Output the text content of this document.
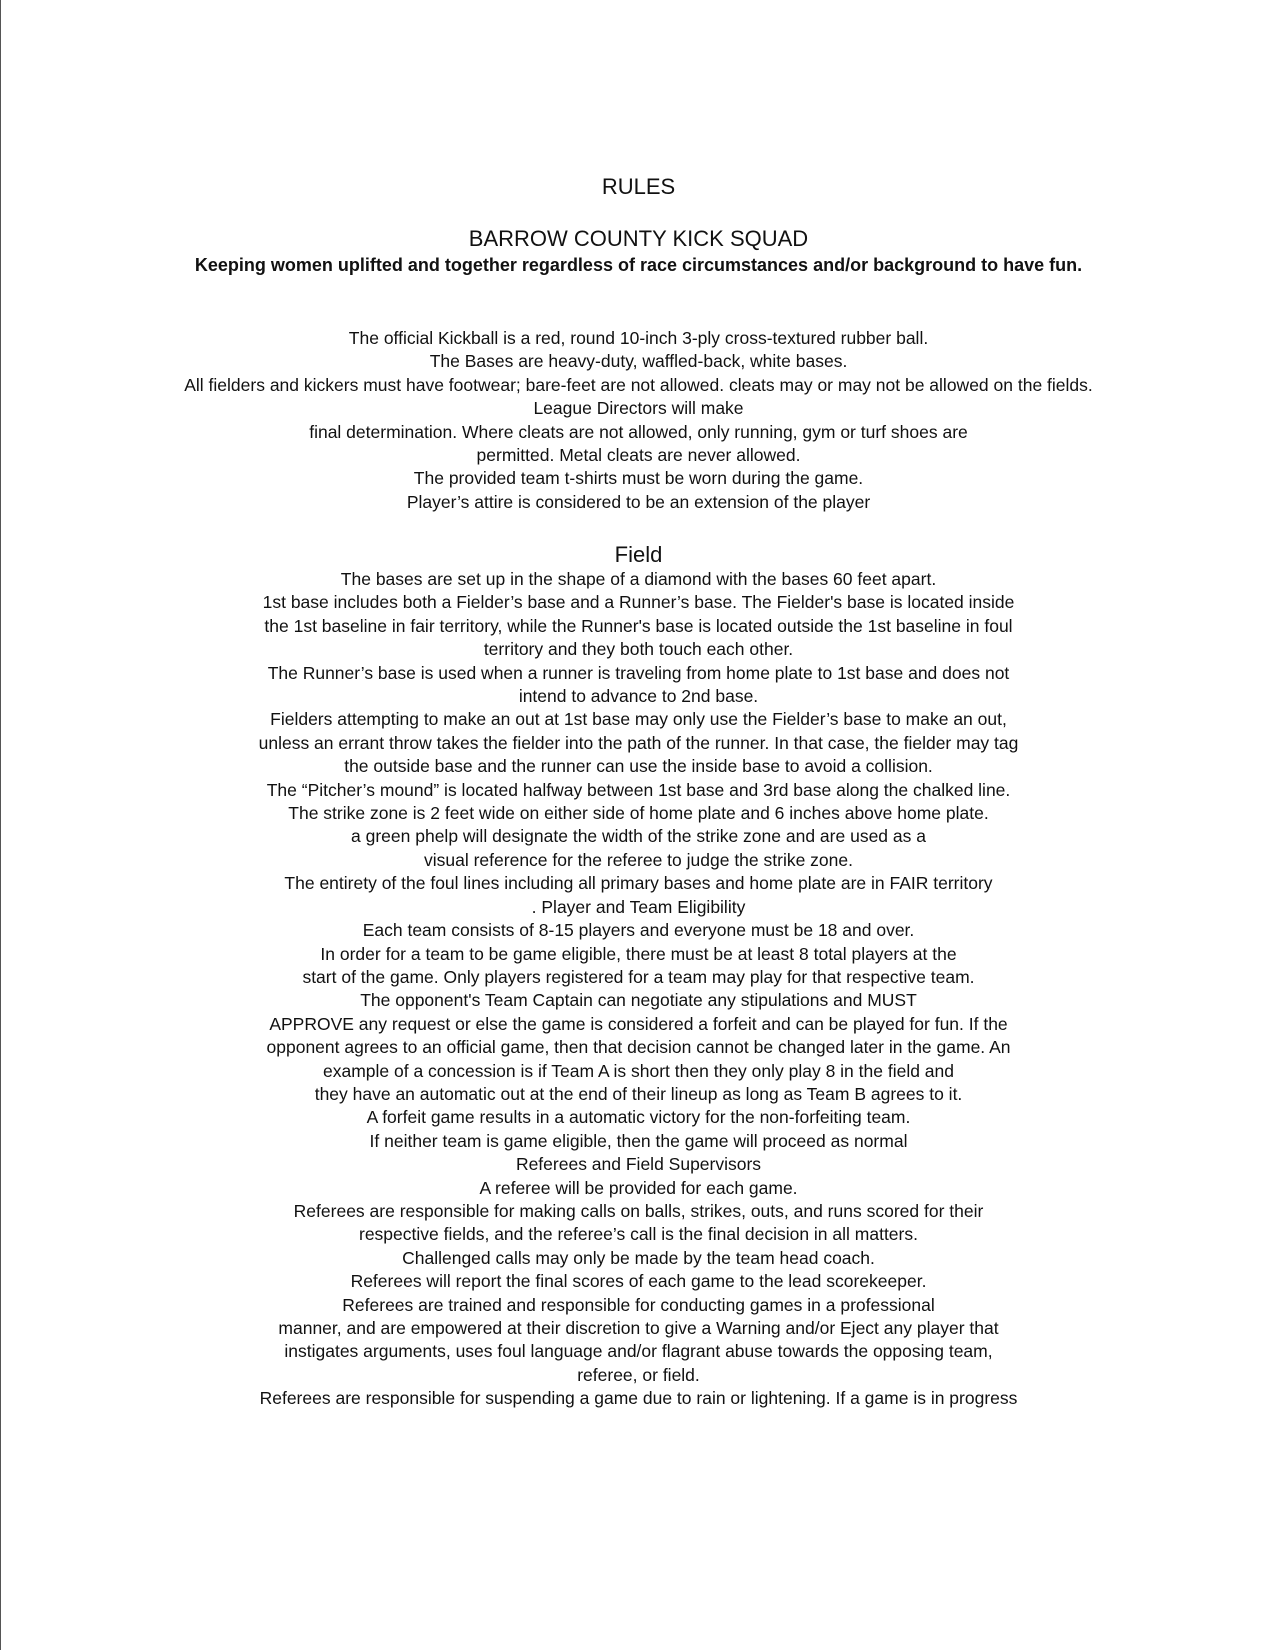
RULES
BARROW COUNTY KICK SQUAD

Keeping women uplifted and together regardless of race circumstances and/or background to have fun.

The official Kickball is a red, round 10-inch 3-ply cross-textured rubber ball.
The Bases are heavy-duty, waffled-back, white bases.
All fielders and kickers must have footwear; bare-feet are not allowed. cleats may or may not be allowed on the fields.
League Directors will make
final determination. Where cleats are not allowed, only running, gym or turf shoes are
permitted. Metal cleats are never allowed.
The provided team t-shirts must be worn during the game.
Player’s attire is considered to be an extension of the player
Field
The bases are set up in the shape of a diamond with the bases 60 feet apart.
1st base includes both a Fielder’s base and a Runner’s base. The Fielder's base is located inside
the 1st baseline in fair territory, while the Runner's base is located outside the 1st baseline in foul
territory and they both touch each other.
The Runner’s base is used when a runner is traveling from home plate to 1st base and does not
intend to advance to 2nd base.
Fielders attempting to make an out at 1st base may only use the Fielder’s base to make an out,
unless an errant throw takes the fielder into the path of the runner. In that case, the fielder may tag
the outside base and the runner can use the inside base to avoid a collision.
The “Pitcher’s mound” is located halfway between 1st base and 3rd base along the chalked line.
The strike zone is 2 feet wide on either side of home plate and 6 inches above home plate.
a green phelp will designate the width of the strike zone and are used as a
visual reference for the referee to judge the strike zone.
The entirety of the foul lines including all primary bases and home plate are in FAIR territory
. Player and Team Eligibility
Each team consists of 8-15 players and everyone must be 18 and over.
In order for a team to be game eligible, there must be at least 8 total players at the
start of the game. Only players registered for a team may play for that respective team.
The opponent's Team Captain can negotiate any stipulations and MUST
APPROVE any request or else the game is considered a forfeit and can be played for fun. If the
opponent agrees to an official game, then that decision cannot be changed later in the game. An
example of a concession is if Team A is short then they only play 8 in the field and
they have an automatic out at the end of their lineup as long as Team B agrees to it.
A forfeit game results in a automatic victory for the non-forfeiting team.
If neither team is game eligible, then the game will proceed as normal
Referees and Field Supervisors
A referee will be provided for each game.
Referees are responsible for making calls on balls, strikes, outs, and runs scored for their
respective fields, and the referee’s call is the final decision in all matters.
Challenged calls may only be made by the team head coach.
Referees will report the final scores of each game to the lead scorekeeper.
Referees are trained and responsible for conducting games in a professional
manner, and are empowered at their discretion to give a Warning and/or Eject any player that
instigates arguments, uses foul language and/or flagrant abuse towards the opposing team,
referee, or field.
Referees are responsible for suspending a game due to rain or lightening. If a game is in progress
